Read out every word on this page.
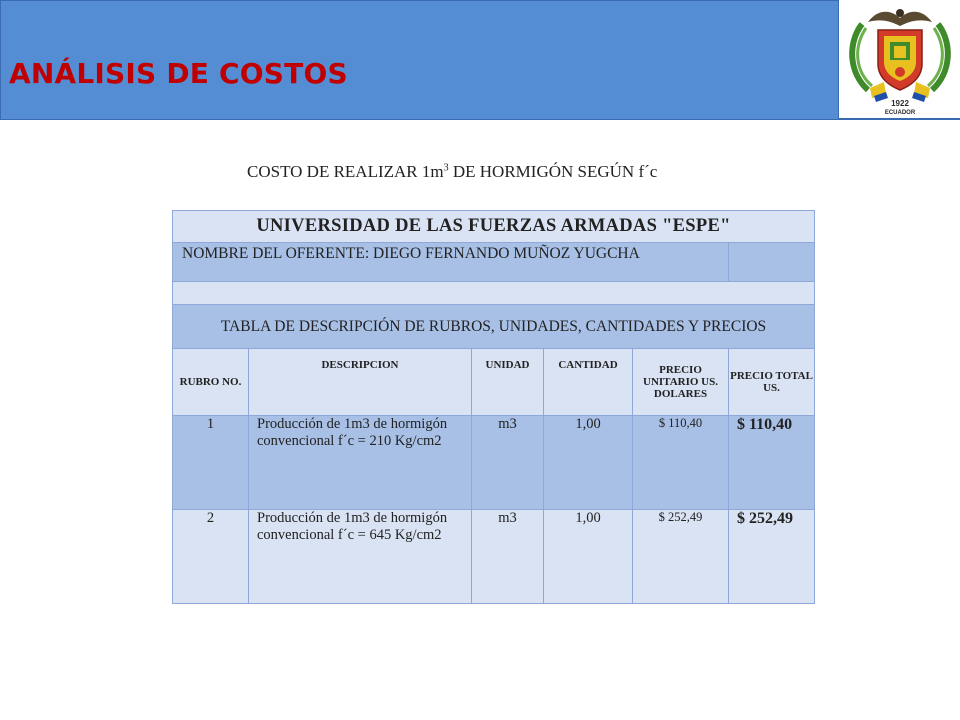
ANÁLISIS DE COSTOS
1922
ECUADOR
COSTO DE REALIZAR $1m^3$ DE HORMIGÓN SEGÚN f´c
UNIVERSIDAD DE LAS FUERZAS ARMADAS "ESPE"					
NOMBRE DEL OFERENTE: DIEGO FERNANDO MUÑOZ YUGCHA					

TABLA DE DESCRIPCIÓN DE RUBROS, UNIDADES, CANTIDADES Y PRECIOS					
RUBRO NO.	DESCRIPCION	UNIDAD	CANTIDAD	PRECIO UNITARIO US. DOLARES	PRECIO TOTAL US.
1	Producción de 1m3 de hormigón convencional f´c = 210 Kg/cm2	m3	1,00	$ 110,40	$ 110,40
2	Producción de 1m3 de hormigón convencional f´c = 645 Kg/cm2	m3	1,00	$ 252,49	$ 252,49
